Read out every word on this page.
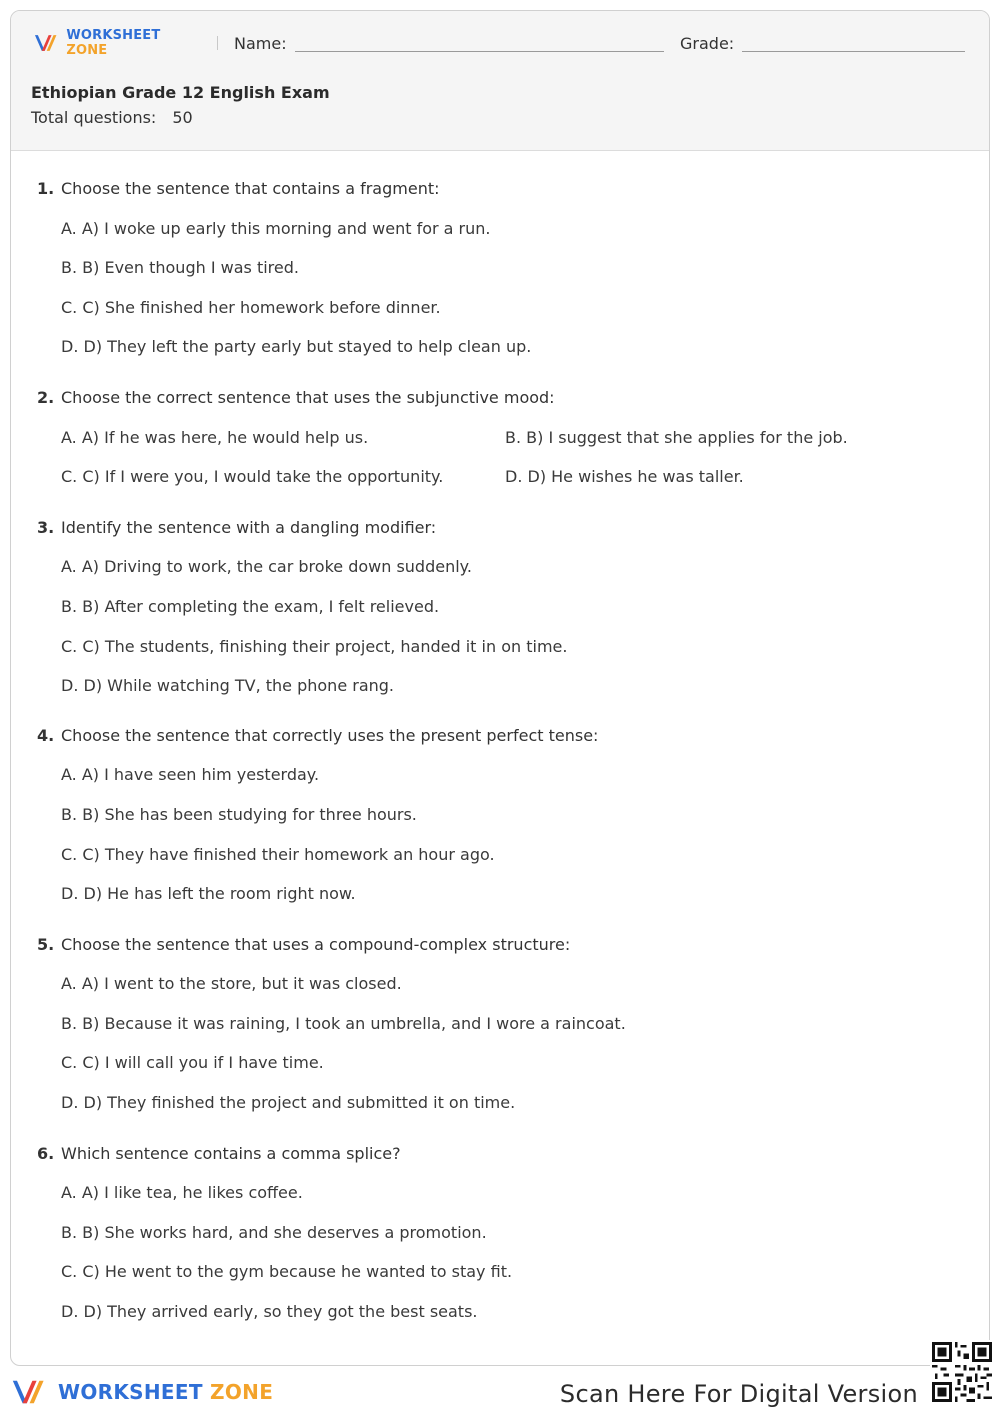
WORKSHEET ZONE	Name:	Grade:
Ethiopian Grade 12 English Exam
Total questions: 50
1. Choose the sentence that contains a fragment:
A. A) I woke up early this morning and went for a run.
B. B) Even though I was tired.
C. C) She finished her homework before dinner.
D. D) They left the party early but stayed to help clean up.
2. Choose the correct sentence that uses the subjunctive mood:
A. A) If he was here, he would help us.	B. B) I suggest that she applies for the job.
C. C) If I were you, I would take the opportunity.	D. D) He wishes he was taller.
3. Identify the sentence with a dangling modifier:
A. A) Driving to work, the car broke down suddenly.
B. B) After completing the exam, I felt relieved.
C. C) The students, finishing their project, handed it in on time.
D. D) While watching TV, the phone rang.
4. Choose the sentence that correctly uses the present perfect tense:
A. A) I have seen him yesterday.
B. B) She has been studying for three hours.
C. C) They have finished their homework an hour ago.
D. D) He has left the room right now.
5. Choose the sentence that uses a compound-complex structure:
A. A) I went to the store, but it was closed.
B. B) Because it was raining, I took an umbrella, and I wore a raincoat.
C. C) I will call you if I have time.
D. D) They finished the project and submitted it on time.
6. Which sentence contains a comma splice?
A. A) I like tea, he likes coffee.
B. B) She works hard, and she deserves a promotion.
C. C) He went to the gym because he wanted to stay fit.
D. D) They arrived early, so they got the best seats.
WORKSHEET ZONE	Scan Here For Digital Version
